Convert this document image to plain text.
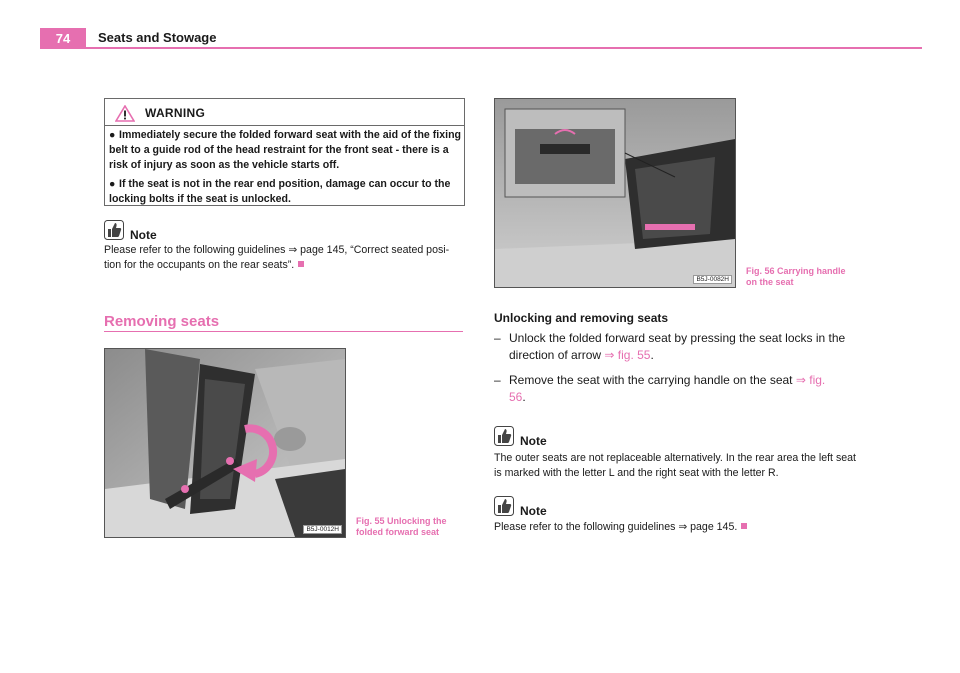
74	Seats and Stowage
WARNING

● Immediately secure the folded forward seat with the aid of the fixing belt to a guide rod of the head restraint for the front seat - there is a risk of injury as soon as the vehicle starts off.

● If the seat is not in the rear end position, damage can occur to the locking bolts if the seat is unlocked.

Note
Please refer to the following guidelines ⇒ page 145, “Correct seated posi-tion for the occupants on the rear seats”.
Removing seats
B5J-0012H
Fig. 55 Unlocking the folded forward seat
B5J-0082H
Fig. 56 Carrying handle on the seat
Unlocking and removing seats
– Unlock the folded forward seat by pressing the seat locks in the direction of arrow ⇒ fig. 55.
– Remove the seat with the carrying handle on the seat ⇒ fig. 56.
Note
The outer seats are not replaceable alternatively. In the rear area the left seat is marked with the letter L and the right seat with the letter R.
Note
Please refer to the following guidelines ⇒ page 145.
